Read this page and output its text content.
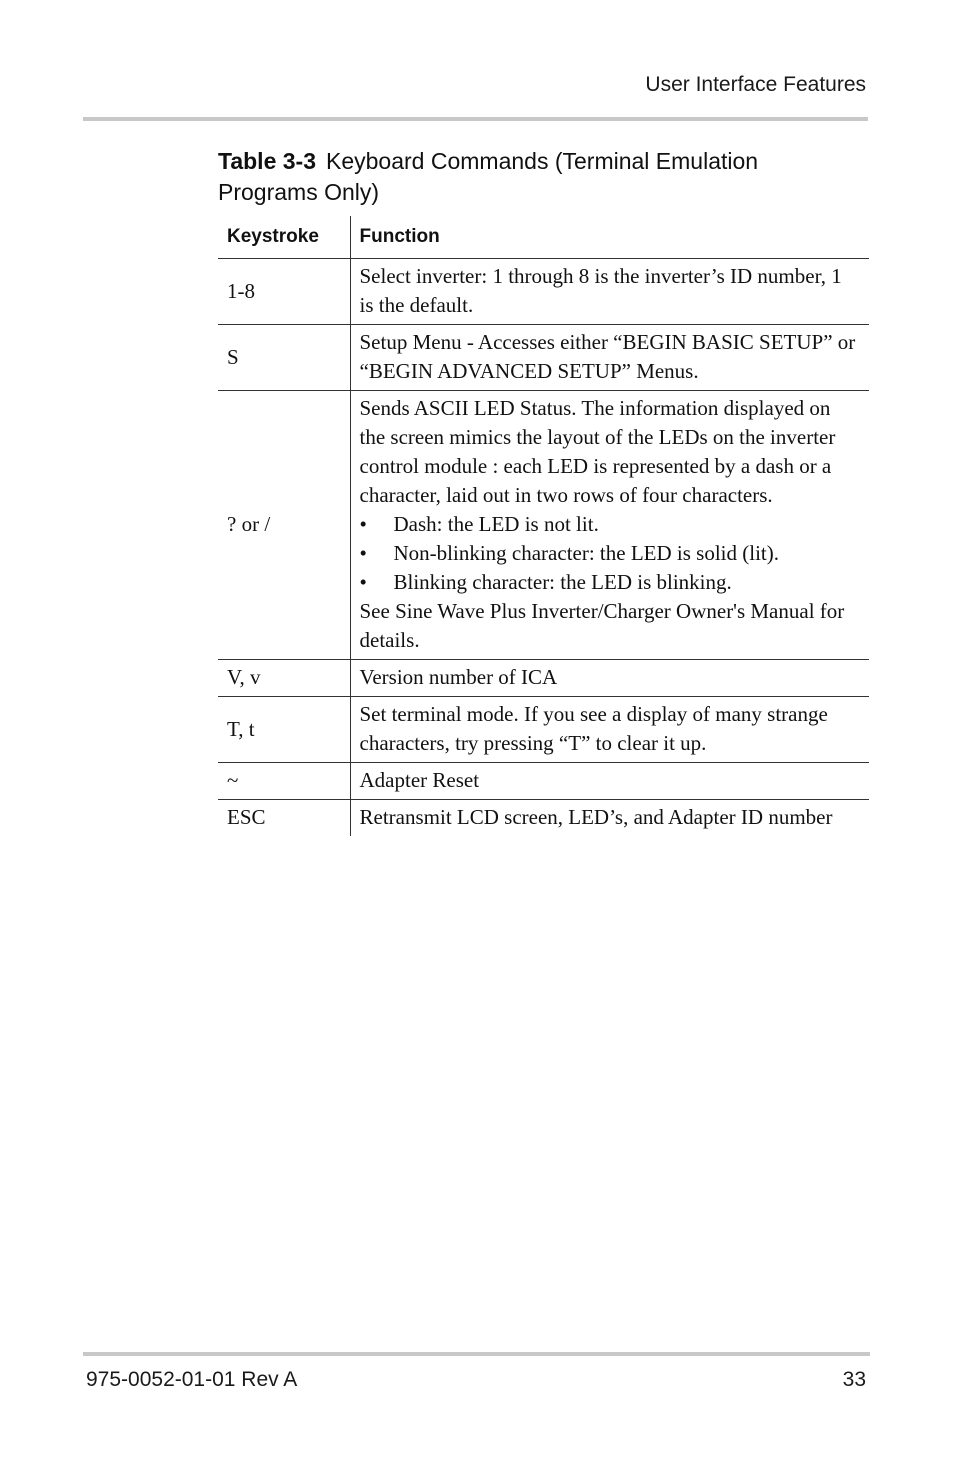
User Interface Features
Table 3-3 Keyboard Commands (Terminal Emulation Programs Only)
Keystroke	Function
1-8	Select inverter: 1 through 8 is the inverter’s ID number, 1 is the default.
S	Setup Menu - Accesses either “BEGIN BASIC SETUP” or “BEGIN ADVANCED SETUP” Menus.
? or /	Sends ASCII LED Status. The information displayed on the screen mimics the layout of the LEDs on the inverter control module : each LED is represented by a dash or a character, laid out in two rows of four characters.
• Dash: the LED is not lit.
• Non-blinking character: the LED is solid (lit).
• Blinking character: the LED is blinking.
See Sine Wave Plus Inverter/Charger Owner's Manual for details.

V, v	Version number of ICA
T, t	Set terminal mode. If you see a display of many strange characters, try pressing “T” to clear it up.
~	Adapter Reset
ESC	Retransmit LCD screen, LED’s, and Adapter ID number
975-0052-01-01 Rev A	33
